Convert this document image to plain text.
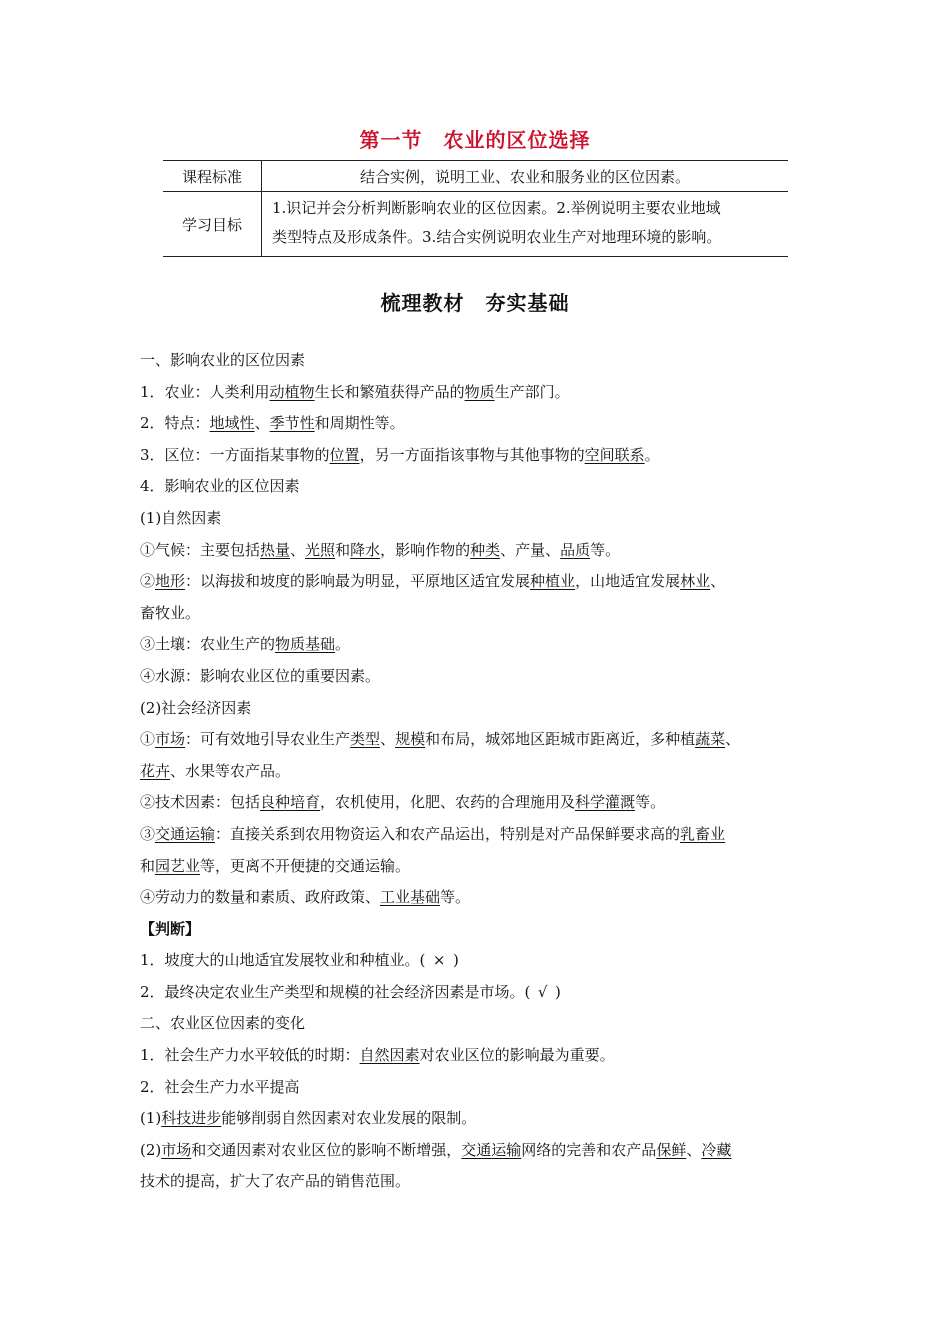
第一节　农业的区位选择
课程标准	结合实例，说明工业、农业和服务业的区位因素。
学习目标
1.识记并会分析判断影响农业的区位因素。2.举例说明主要农业地域
类型特点及形成条件。3.结合实例说明农业生产对地理环境的影响。
梳理教材　夯实基础
一、影响农业的区位因素
1．农业：人类利用动植物生长和繁殖获得产品的物质生产部门。
2．特点：地域性、季节性和周期性等。
3．区位：一方面指某事物的位置，另一方面指该事物与其他事物的空间联系。
4．影响农业的区位因素
(1)自然因素
①气候：主要包括热量、光照和降水，影响作物的种类、产量、品质等。
②地形：以海拔和坡度的影响最为明显，平原地区适宜发展种植业，山地适宜发展林业、
畜牧业。
③土壤：农业生产的物质基础。
④水源：影响农业区位的重要因素。
(2)社会经济因素
①市场：可有效地引导农业生产类型、规模和布局，城郊地区距城市距离近，多种植蔬菜、
花卉、水果等农产品。
②技术因素：包括良种培育，农机使用，化肥、农药的合理施用及科学灌溉等。
③交通运输：直接关系到农用物资运入和农产品运出，特别是对产品保鲜要求高的乳畜业
和园艺业等，更离不开便捷的交通运输。
④劳动力的数量和素质、政府政策、工业基础等。
【判断】
1．坡度大的山地适宜发展牧业和种植业。( × )
2．最终决定农业生产类型和规模的社会经济因素是市场。( √ )
二、农业区位因素的变化
1．社会生产力水平较低的时期：自然因素对农业区位的影响最为重要。
2．社会生产力水平提高
(1)科技进步能够削弱自然因素对农业发展的限制。
(2)市场和交通因素对农业区位的影响不断增强，交通运输网络的完善和农产品保鲜、冷藏
技术的提高，扩大了农产品的销售范围。
